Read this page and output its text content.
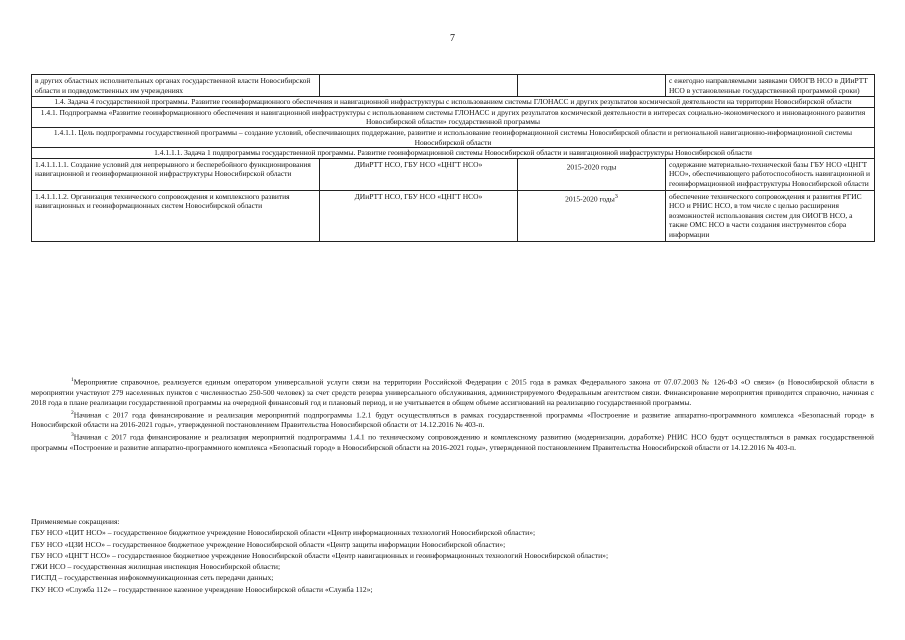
7
в других областных исполнительных органах государственной власти Новосибирской области и подведомственных им учреждениях			с ежегодно направляемыми заявками ОИОГВ НСО в ДИиРТТ НСО в установленные государственной программой сроки)
1.4. Задача 4 государственной программы. Развитие геоинформационного обеспечения и навигационной инфраструктуры с использованием системы ГЛОНАСС и других результатов космической деятельности на территории Новосибирской области			
1.4.1. Подпрограмма «Развитие геоинформационного обеспечения и навигационной инфраструктуры с использованием системы ГЛОНАСС и других результатов космической деятельности в интересах социально-экономического и инновационного развития Новосибирской области» государственной программы			
1.4.1.1. Цель подпрограммы государственной программы – создание условий, обеспечивающих поддержание, развитие и использование геоинформационной системы Новосибирской области и региональной навигационно-информационной системы Новосибирской области			
1.4.1.1.1. Задача 1 подпрограммы государственной программы. Развитие геоинформационной системы Новосибирской области и навигационной инфраструктуры Новосибирской области			
1.4.1.1.1.1. Создание условий для непрерывного и бесперебойного функционирования навигационной и геоинформационной инфраструктуры Новосибирской области	ДИиРТТ НСО, ГБУ НСО «ЦНГТ НСО»	2015-2020 годы	содержание материально-технической базы ГБУ НСО «ЦНГТ НСО», обеспечивающего работоспособность навигационной и геоинформационной инфраструктуры Новосибирской области
1.4.1.1.1.2. Организация технического сопровождения и комплексного развития навигационных и геоинформационных систем Новосибирской области	ДИиРТТ НСО, ГБУ НСО «ЦНГТ НСО»	2015-2020 годы$^3$	обеспечение технического сопровождения и развития РГИС НСО и РНИС НСО, в том числе с целью расширения возможностей использования систем для ОИОГВ НСО, а также ОМС НСО в части создания инструментов сбора информации

$^1$Мероприятие справочное, реализуется единым оператором универсальной услуги связи на территории Российской Федерации с 2015 года в рамках Федерального закона от 07.07.2003 № 126-ФЗ «О связи» (в Новосибирской области в мероприятии участвуют 279 населенных пунктов с численностью 250-500 человек) за счет средств резерва универсального обслуживания, администрируемого Федеральным агентством связи. Финансирование мероприятия приводится справочно, начиная с 2018 года в плане реализации государственной программы на очередной финансовый год и плановый период, и не учитывается в общем объеме ассигнований на реализацию государственной программы.

$^2$Начиная с 2017 года финансирование и реализация мероприятий подпрограммы 1.2.1 будут осуществляться в рамках государственной программы «Построение и развитие аппаратно-программного комплекса «Безопасный город» в Новосибирской области на 2016-2021 годы», утвержденной постановлением Правительства Новосибирской области от 14.12.2016 № 403-п.

$^3$Начиная с 2017 года финансирование и реализация мероприятий подпрограммы 1.4.1 по техническому сопровождению и комплексному развитию (модернизации, доработке) РНИС НСО будут осуществляться в рамках государственной программы «Построение и развитие аппаратно-программного комплекса «Безопасный город» в Новосибирской области на 2016-2021 годы», утвержденной постановлением Правительства Новосибирской области от 14.12.2016 № 403-п.

Применяемые сокращения:
ГБУ НСО «ЦИТ НСО» – государственное бюджетное учреждение Новосибирской области «Центр информационных технологий Новосибирской области»;
ГБУ НСО «ЦЗИ НСО» – государственное бюджетное учреждение Новосибирской области «Центр защиты информации Новосибирской области»;
ГБУ НСО «ЦНГТ НСО» – государственное бюджетное учреждение Новосибирской области «Центр навигационных и геоинформационных технологий Новосибирской области»;
ГЖИ НСО – государственная жилищная инспекция Новосибирской области;
ГИСПД – государственная инфокоммуникационная сеть передачи данных;
ГКУ НСО «Служба 112» – государственное казенное учреждение Новосибирской области «Служба 112»;
